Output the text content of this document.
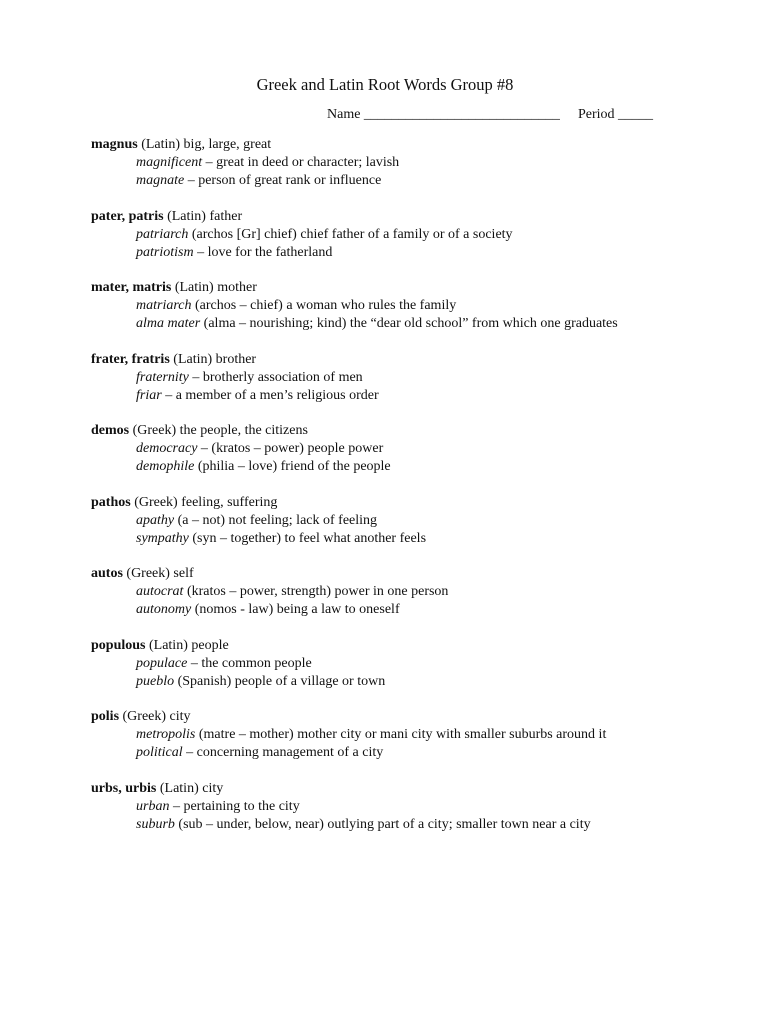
Greek and Latin Root Words Group #8
Name ____________________________ Period _____
magnus (Latin) big, large, great
magnificent – great in deed or character; lavish
magnate – person of great rank or influence
pater, patris (Latin) father
patriarch (archos [Gr] chief) chief father of a family or of a society
patriotism – love for the fatherland
mater, matris (Latin) mother
matriarch (archos – chief) a woman who rules the family
alma mater (alma – nourishing; kind) the “dear old school” from which one graduates
frater, fratris (Latin) brother
fraternity – brotherly association of men
friar – a member of a men’s religious order
demos (Greek) the people, the citizens
democracy – (kratos – power) people power
demophile (philia – love) friend of the people
pathos (Greek) feeling, suffering
apathy (a – not) not feeling; lack of feeling
sympathy (syn – together) to feel what another feels
autos (Greek) self
autocrat (kratos – power, strength) power in one person
autonomy (nomos - law) being a law to oneself
populous (Latin) people
populace – the common people
pueblo (Spanish) people of a village or town
polis (Greek) city
metropolis (matre – mother) mother city or mani city with smaller suburbs around it
political – concerning management of a city
urbs, urbis (Latin) city
urban – pertaining to the city
suburb (sub – under, below, near) outlying part of a city; smaller town near a city
